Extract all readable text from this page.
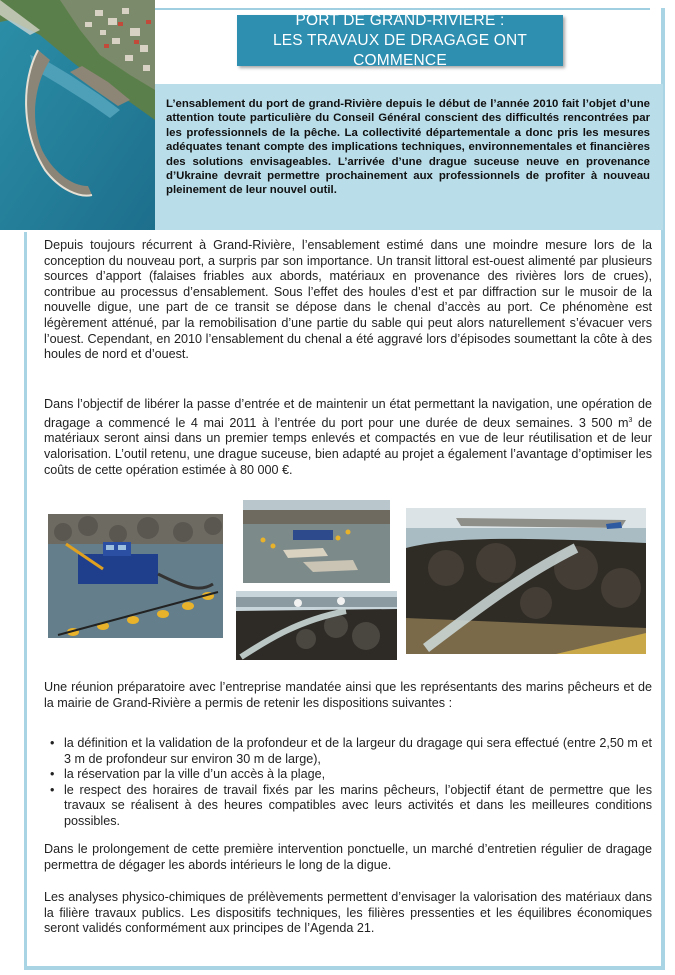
L’ensablement du port de grand-Rivière depuis le début de l’année 2010 fait l’objet d’une attention toute particulière du Conseil Général conscient des difficultés rencontrées par les professionnels de la pêche. La collectivité départementale a donc pris les mesures adéquates tenant compte des implications techniques, environnementales et financières des solutions envisageables. L’arrivée d’une drague suceuse neuve en provenance d’Ukraine devrait permettre prochainement aux professionnels de profiter à nouveau pleinement de leur nouvel outil.
PORT DE GRAND-RIVIERE :
LES TRAVAUX DE DRAGAGE ONT COMMENCE
Depuis toujours récurrent à Grand-Rivière, l’ensablement estimé dans une moindre mesure lors de la conception du nouveau port, a surpris par son importance. Un transit littoral est-ouest alimenté par plusieurs sources d’apport (falaises friables aux abords, matériaux en provenance des rivières lors de crues), contribue au processus d’ensablement. Sous l’effet des houles d’est et par diffraction sur le musoir de la nouvelle digue, une part de ce transit se dépose dans le chenal d’accès au port. Ce phénomène est légèrement atténué, par la remobilisation d’une partie du sable qui peut alors naturellement s’évacuer vers l’ouest. Cependant, en 2010 l’ensablement du chenal a été aggravé lors d’épisodes soumettant la côte à des houles de nord et d’ouest.
Dans l’objectif de libérer la passe d’entrée et de maintenir un état permettant la navigation, une opération de dragage a commencé le 4 mai 2011 à l’entrée du port pour une durée de deux semaines. 3 500 $m^3$ de matériaux seront ainsi dans un premier temps enlevés et compactés en vue de leur réutilisation et de leur valorisation. L’outil retenu, une drague suceuse, bien adapté au projet a également l’avantage d’optimiser les coûts de cette opération estimée à 80 000 €.
Une réunion préparatoire avec l’entreprise mandatée ainsi que les représentants des marins pêcheurs et de la mairie de Grand-Rivière a permis de retenir les dispositions suivantes :
• la définition et la validation de la profondeur et de la largeur du dragage qui sera effectué (entre 2,50 m et 3 m de profondeur sur environ 30 m de large),
• la réservation par la ville d’un accès à la plage,
• le respect des horaires de travail fixés par les marins pêcheurs, l’objectif étant de permettre que les travaux se réalisent à des heures compatibles avec leurs activités et dans les meilleures conditions possibles.
Dans le prolongement de cette première intervention ponctuelle, un marché d’entretien régulier de dragage permettra de dégager les abords intérieurs le long de la digue.
Les analyses physico-chimiques de prélèvements permettent d’envisager la valorisation des matériaux dans la filière travaux publics. Les dispositifs techniques, les filières pressenties et les équilibres économiques seront validés conformément aux principes de l’Agenda 21.
